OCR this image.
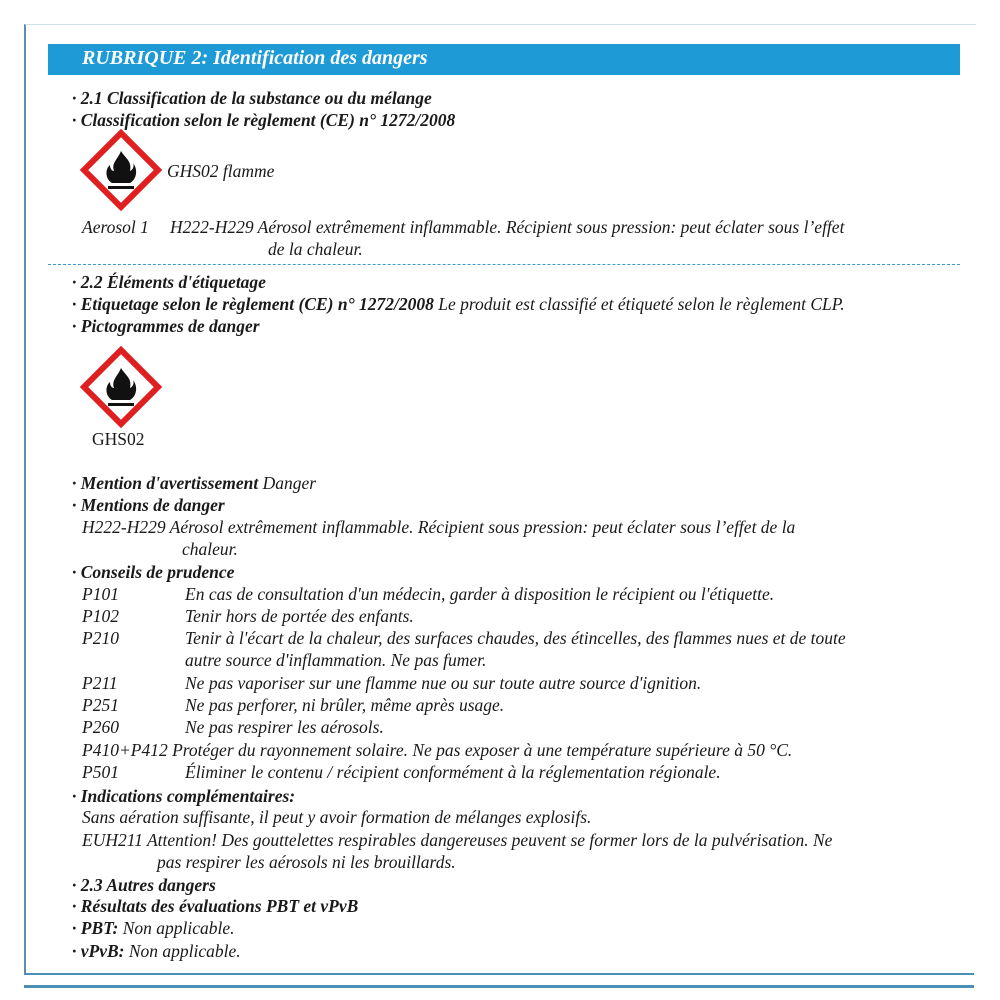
RUBRIQUE 2: Identification des dangers
· 2.1 Classification de la substance ou du mélange
· Classification selon le règlement (CE) n° 1272/2008
GHS02 flamme
Aerosol 1 H222-H229 Aérosol extrêmement inflammable. Récipient sous pression: peut éclater sous l’effet
de la chaleur.
· 2.2 Éléments d'étiquetage
· Etiquetage selon le règlement (CE) n° 1272/2008 Le produit est classifié et étiqueté selon le règlement CLP.
· Pictogrammes de danger
GHS02
· Mention d'avertissement Danger
· Mentions de danger
H222-H229 Aérosol extrêmement inflammable. Récipient sous pression: peut éclater sous l’effet de la
chaleur.
· Conseils de prudence
P101	En cas de consultation d'un médecin, garder à disposition le récipient ou l'étiquette.
P102	Tenir hors de portée des enfants.
P210	Tenir à l'écart de la chaleur, des surfaces chaudes, des étincelles, des flammes nues et de toute
autre source d'inflammation. Ne pas fumer.
P211	Ne pas vaporiser sur une flamme nue ou sur toute autre source d'ignition.
P251	Ne pas perforer, ni brûler, même après usage.
P260	Ne pas respirer les aérosols.
P410+P412 Protéger du rayonnement solaire. Ne pas exposer à une température supérieure à 50 °C.
P501	Éliminer le contenu / récipient conformément à la réglementation régionale.
· Indications complémentaires:
Sans aération suffisante, il peut y avoir formation de mélanges explosifs.
EUH211 Attention! Des gouttelettes respirables dangereuses peuvent se former lors de la pulvérisation. Ne
pas respirer les aérosols ni les brouillards.
· 2.3 Autres dangers
· Résultats des évaluations PBT et vPvB
· PBT: Non applicable.
· vPvB: Non applicable.
